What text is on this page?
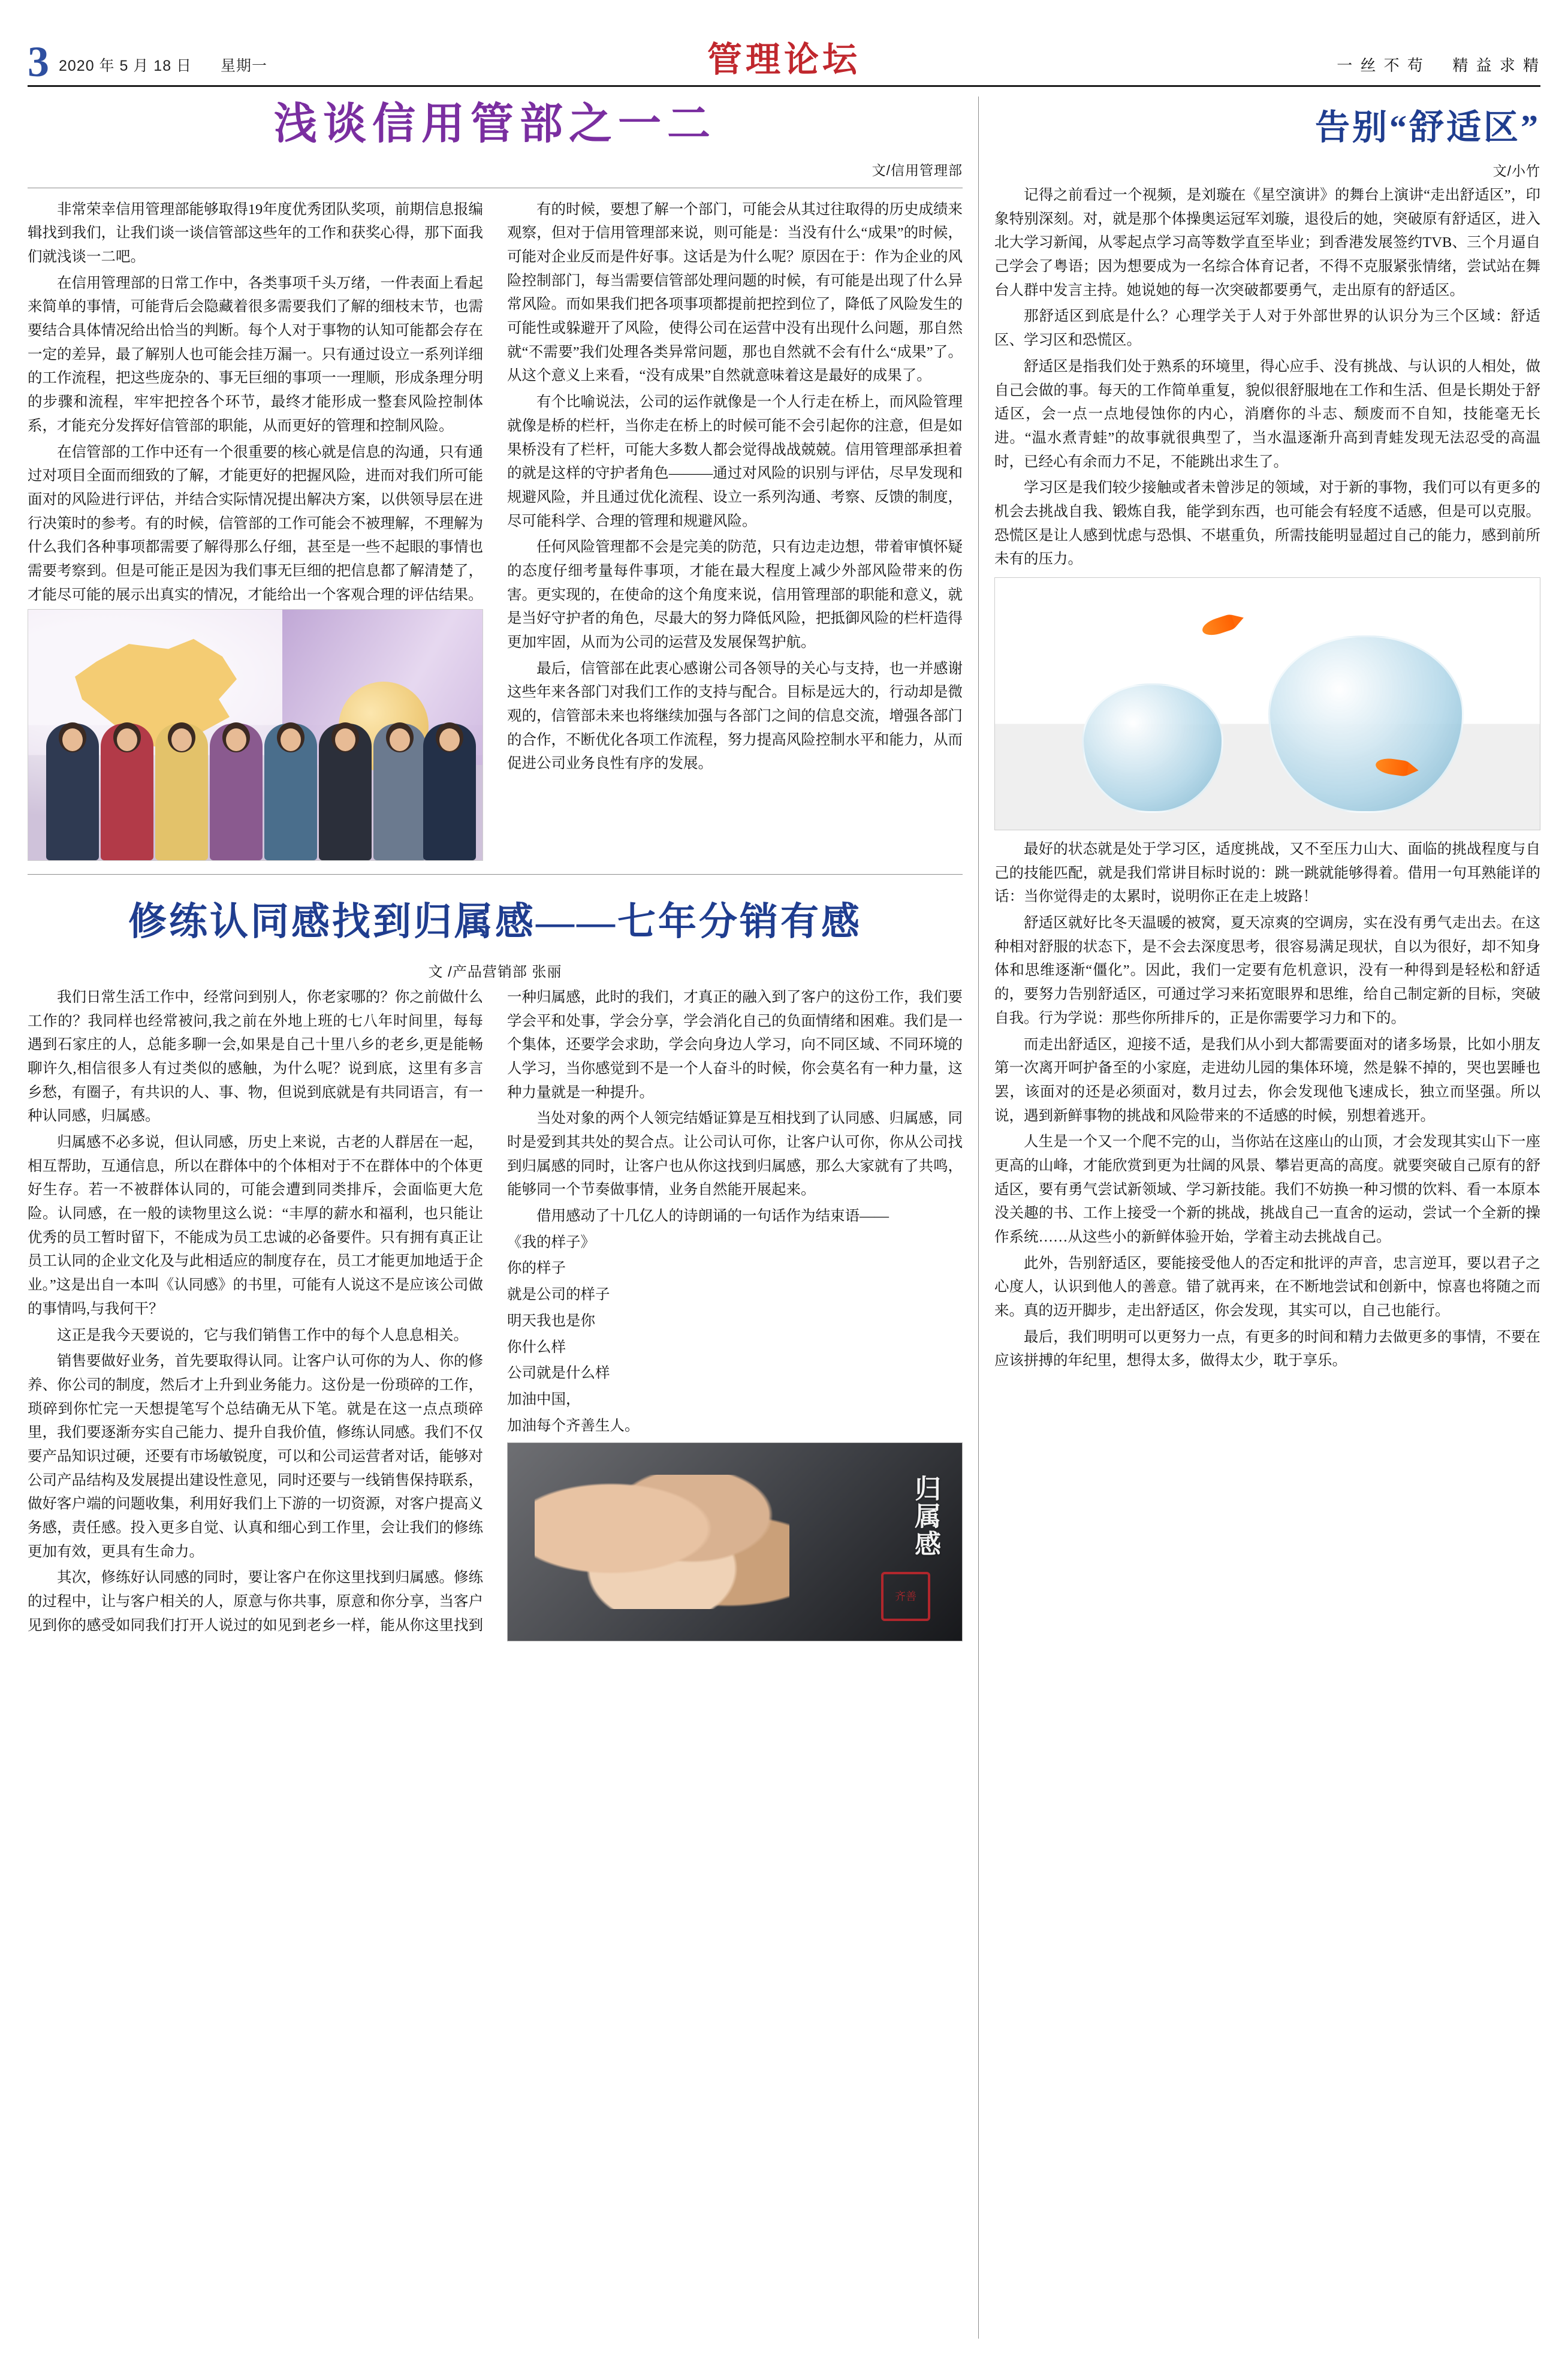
3 2020 年 5 月 18 日 星期一	管理论坛	一 丝 不 苟 精 益 求 精
浅谈信用管部之一二
文/信用管理部

非常荣幸信用管理部能够取得19年度优秀团队奖项，前期信息报编辑找到我们，让我们谈一谈信管部这些年的工作和获奖心得，那下面我们就浅谈一二吧。

在信用管理部的日常工作中，各类事项千头万绪，一件表面上看起来简单的事情，可能背后会隐藏着很多需要我们了解的细枝末节，也需要结合具体情况给出恰当的判断。每个人对于事物的认知可能都会存在一定的差异，最了解别人也可能会挂万漏一。只有通过设立一系列详细的工作流程，把这些庞杂的、事无巨细的事项一一理顺，形成条理分明的步骤和流程，牢牢把控各个环节，最终才能形成一整套风险控制体系，才能充分发挥好信管部的职能，从而更好的管理和控制风险。

在信管部的工作中还有一个很重要的核心就是信息的沟通，只有通过对项目全面而细致的了解，才能更好的把握风险，进而对我们所可能面对的风险进行评估，并结合实际情况提出解决方案，以供领导层在进行决策时的参考。有的时候，信管部的工作可能会不被理解，不理解为什么我们各种事项都需要了解得那么仔细，甚至是一些不起眼的事情也需要考察到。但是可能正是因为我们事无巨细的把信息都了解清楚了，才能尽可能的展示出真实的情况，才能给出一个客观合理的评估结果。

有的时候，要想了解一个部门，可能会从其过往取得的历史成绩来观察，但对于信用管理部来说，则可能是：当没有什么“成果”的时候，可能对企业反而是件好事。这话是为什么呢？原因在于：作为企业的风险控制部门，每当需要信管部处理问题的时候，有可能是出现了什么异常风险。而如果我们把各项事项都提前把控到位了，降低了风险发生的可能性或躲避开了风险，使得公司在运营中没有出现什么问题，那自然就“不需要”我们处理各类异常问题，那也自然就不会有什么“成果”了。从这个意义上来看，“没有成果”自然就意味着这是最好的成果了。

有个比喻说法，公司的运作就像是一个人行走在桥上，而风险管理就像是桥的栏杆，当你走在桥上的时候可能不会引起你的注意，但是如果桥没有了栏杆，可能大多数人都会觉得战战兢兢。信用管理部承担着的就是这样的守护者角色———通过对风险的识别与评估，尽早发现和规避风险，并且通过优化流程、设立一系列沟通、考察、反馈的制度，尽可能科学、合理的管理和规避风险。

任何风险管理都不会是完美的防范，只有边走边想，带着审慎怀疑的态度仔细考量每件事项，才能在最大程度上减少外部风险带来的伤害。更实现的，在使命的这个角度来说，信用管理部的职能和意义，就是当好守护者的角色，尽最大的努力降低风险，把抵御风险的栏杆造得更加牢固，从而为公司的运营及发展保驾护航。

最后，信管部在此衷心感谢公司各领导的关心与支持，也一并感谢这些年来各部门对我们工作的支持与配合。目标是远大的，行动却是微观的，信管部未来也将继续加强与各部门之间的信息交流，增强各部门的合作，不断优化各项工作流程，努力提高风险控制水平和能力，从而促进公司业务良性有序的发展。

修练认同感找到归属感——七年分销有感
文 /产品营销部 张丽

我们日常生活工作中，经常问到别人，你老家哪的？你之前做什么工作的？我同样也经常被问,我之前在外地上班的七八年时间里，每每遇到石家庄的人，总能多聊一会,如果是自己十里八乡的老乡,更是能畅聊许久,相信很多人有过类似的感触，为什么呢？说到底，这里有多言乡愁，有圈子，有共识的人、事、物，但说到底就是有共同语言，有一种认同感，归属感。

归属感不必多说，但认同感，历史上来说，古老的人群居在一起，相互帮助，互通信息，所以在群体中的个体相对于不在群体中的个体更好生存。若一不被群体认同的，可能会遭到同类排斥，会面临更大危险。认同感，在一般的读物里这么说：“丰厚的薪水和福利，也只能让优秀的员工暂时留下，不能成为员工忠诚的必备要件。只有拥有真正让员工认同的企业文化及与此相适应的制度存在，员工才能更加地适于企业。”这是出自一本叫《认同感》的书里，可能有人说这不是应该公司做的事情吗,与我何干？

这正是我今天要说的，它与我们销售工作中的每个人息息相关。

销售要做好业务，首先要取得认同。让客户认可你的为人、你的修养、你公司的制度，然后才上升到业务能力。这份是一份琐碎的工作，琐碎到你忙完一天想提笔写个总结确无从下笔。就是在这一点点琐碎里，我们要逐渐夯实自己能力、提升自我价值，修练认同感。我们不仅要产品知识过硬，还要有市场敏锐度，可以和公司运营者对话，能够对公司产品结构及发展提出建设性意见，同时还要与一线销售保持联系，做好客户端的问题收集，利用好我们上下游的一切资源，对客户提高义务感，责任感。投入更多自觉、认真和细心到工作里，会让我们的修练更加有效，更具有生命力。

其次，修练好认同感的同时，要让客户在你这里找到归属感。修练的过程中，让与客户相关的人，原意与你共事，原意和你分享，当客户见到你的感受如同我们打开人说过的如见到老乡一样，能从你这里找到一种归属感，此时的我们，才真正的融入到了客户的这份工作，我们要学会平和处事，学会分享，学会消化自己的负面情绪和困难。我们是一个集体，还要学会求助，学会向身边人学习，向不同区域、不同环境的人学习，当你感觉到不是一个人奋斗的时候，你会莫名有一种力量，这种力量就是一种提升。

当处对象的两个人领完结婚证算是互相找到了认同感、归属感，同时是爱到其共处的契合点。让公司认可你，让客户认可你，你从公司找到归属感的同时，让客户也从你这找到归属感，那么大家就有了共鸣，能够同一个节奏做事情，业务自然能开展起来。

借用感动了十几亿人的诗朗诵的一句话作为结束语——

《我的样子》

你的样子

就是公司的样子

明天我也是你

你什么样

公司就是什么样

加油中国，

加油每个齐善生人。

归属感
齐善
告别“舒适区”
文/小竹

记得之前看过一个视频，是刘璇在《星空演讲》的舞台上演讲“走出舒适区”，印象特别深刻。对，就是那个体操奥运冠军刘璇，退役后的她，突破原有舒适区，进入北大学习新闻，从零起点学习高等数学直至毕业；到香港发展签约TVB、三个月逼自己学会了粤语；因为想要成为一名综合体育记者，不得不克服紧张情绪，尝试站在舞台人群中发言主持。她说她的每一次突破都要勇气，走出原有的舒适区。

那舒适区到底是什么？心理学关于人对于外部世界的认识分为三个区域：舒适区、学习区和恐慌区。

舒适区是指我们处于熟系的环境里，得心应手、没有挑战、与认识的人相处，做自己会做的事。每天的工作简单重复，貌似很舒服地在工作和生活、但是长期处于舒适区，会一点一点地侵蚀你的内心，消磨你的斗志、颓废而不自知，技能毫无长进。“温水煮青蛙”的故事就很典型了，当水温逐渐升高到青蛙发现无法忍受的高温时，已经心有余而力不足，不能跳出求生了。

学习区是我们较少接触或者未曾涉足的领域，对于新的事物，我们可以有更多的机会去挑战自我、锻炼自我，能学到东西，也可能会有轻度不适感，但是可以克服。恐慌区是让人感到忧虑与恐惧、不堪重负，所需技能明显超过自己的能力，感到前所未有的压力。

最好的状态就是处于学习区，适度挑战，又不至压力山大、面临的挑战程度与自己的技能匹配，就是我们常讲目标时说的：跳一跳就能够得着。借用一句耳熟能详的话：当你觉得走的太累时，说明你正在走上坡路！

舒适区就好比冬天温暖的被窝，夏天凉爽的空调房，实在没有勇气走出去。在这种相对舒服的状态下，是不会去深度思考，很容易满足现状，自以为很好，却不知身体和思维逐渐“僵化”。因此，我们一定要有危机意识，没有一种得到是轻松和舒适的，要努力告别舒适区，可通过学习来拓宽眼界和思维，给自己制定新的目标，突破自我。行为学说：那些你所排斥的，正是你需要学习力和下的。

而走出舒适区，迎接不适，是我们从小到大都需要面对的诸多场景，比如小朋友第一次离开呵护备至的小家庭，走进幼儿园的集体环境，然是躲不掉的，哭也罢睡也罢，该面对的还是必须面对，数月过去，你会发现他飞速成长，独立而坚强。所以说，遇到新鲜事物的挑战和风险带来的不适感的时候，别想着逃开。

人生是一个又一个爬不完的山，当你站在这座山的山顶，才会发现其实山下一座更高的山峰，才能欣赏到更为壮阔的风景、攀岩更高的高度。就要突破自己原有的舒适区，要有勇气尝试新领域、学习新技能。我们不妨换一种习惯的饮料、看一本原本没关趣的书、工作上接受一个新的挑战，挑战自己一直舍的运动，尝试一个全新的操作系统……从这些小的新鲜体验开始，学着主动去挑战自己。

此外，告别舒适区，要能接受他人的否定和批评的声音，忠言逆耳，要以君子之心度人，认识到他人的善意。错了就再来，在不断地尝试和创新中，惊喜也将随之而来。真的迈开脚步，走出舒适区，你会发现，其实可以，自己也能行。

最后，我们明明可以更努力一点，有更多的时间和精力去做更多的事情，不要在应该拼搏的年纪里，想得太多，做得太少，耽于享乐。
